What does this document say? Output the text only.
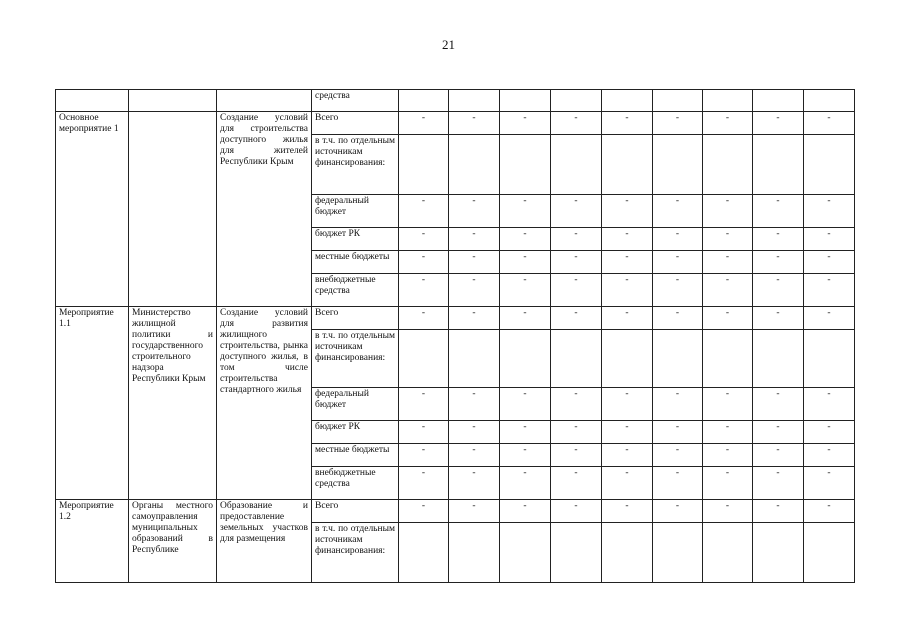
21
			средства									
Основное мероприятие 1		Создание условий для строительства доступного жилья для жителей Республики Крым	Всего	-	-	-	-	-	-	-	-	-
			в т.ч. по отдельным источникам финансирования:									
			федеральный бюджет	-	-	-	-	-	-	-	-	-
			бюджет РК	-	-	-	-	-	-	-	-	-
			местные бюджеты	-	-	-	-	-	-	-	-	-
			внебюджетные средства	-	-	-	-	-	-	-	-	-
Мероприятие 1.1	Министерство жилищной политики и государственного строительного надзора Республики Крым	Создание условий для развития жилищного строительства, рынка доступного жилья, в том числе строительства стандартного жилья	Всего	-	-	-	-	-	-	-	-	-
			в т.ч. по отдельным источникам финансирования:									
			федеральный бюджет	-	-	-	-	-	-	-	-	-
			бюджет РК	-	-	-	-	-	-	-	-	-
			местные бюджеты	-	-	-	-	-	-	-	-	-
			внебюджетные средства	-	-	-	-	-	-	-	-	-
Мероприятие 1.2	Органы местного самоуправления муниципальных образований в Республике	Образование и предоставление земельных участков для размещения	Всего	-	-	-	-	-	-	-	-	-
			в т.ч. по отдельным источникам финансирования:									
